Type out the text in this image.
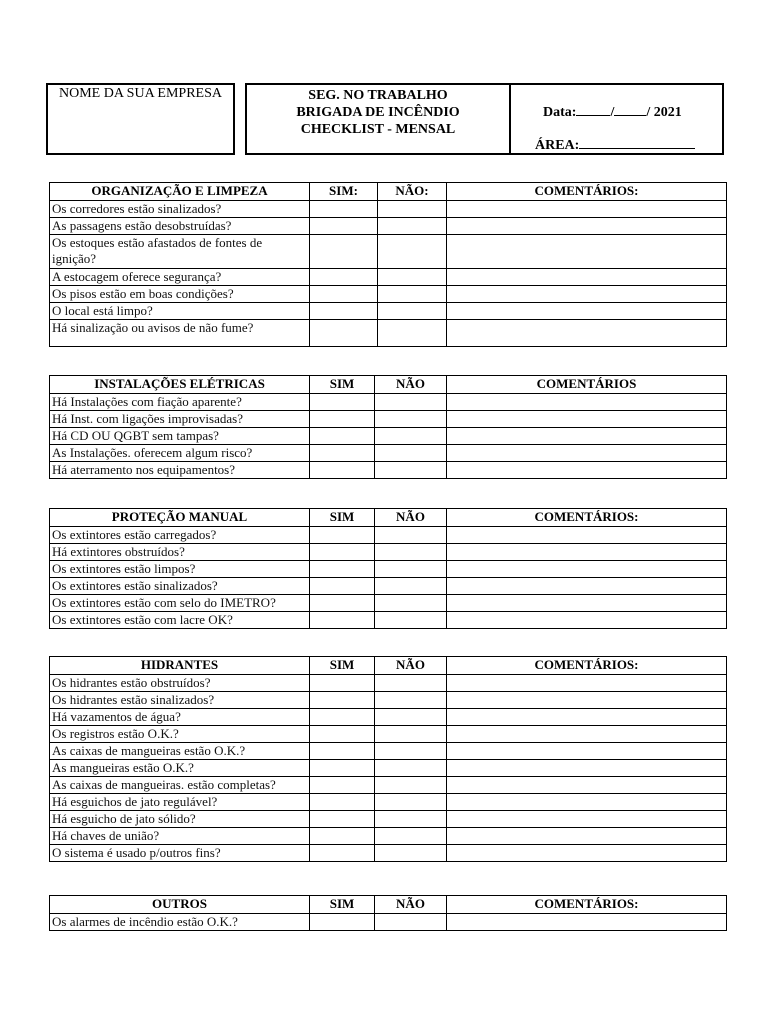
NOME DA SUA EMPRESA	SEG. NO TRABALHO
BRIGADA DE INCÊNDIO
CHECKLIST - MENSAL
Data: / / 2021
ÁREA:
ORGANIZAÇÃO E LIMPEZA	SIM:	NÃO:	COMENTÁRIOS:
Os corredores estão sinalizados?			
As passagens estão desobstruídas?			
Os estoques estão afastados de fontes de ignição?			
A estocagem oferece segurança?			
Os pisos estão em boas condições?			
O local está limpo?			
Há sinalização ou avisos de não fume?			
INSTALAÇÕES ELÉTRICAS	SIM	NÃO	COMENTÁRIOS
Há Instalações com fiação aparente?			
Há Inst. com ligações improvisadas?			
Há CD OU QGBT sem tampas?			
As Instalações. oferecem algum risco?			
Há aterramento nos equipamentos?			
PROTEÇÃO MANUAL	SIM	NÃO	COMENTÁRIOS:
Os extintores estão carregados?			
Há extintores obstruídos?			
Os extintores estão limpos?			
Os extintores estão sinalizados?			
Os extintores estão com selo do IMETRO?			
Os extintores estão com lacre OK?			
HIDRANTES	SIM	NÃO	COMENTÁRIOS:
Os hidrantes estão obstruídos?			
Os hidrantes estão sinalizados?			
Há vazamentos de água?			
Os registros estão O.K.?			
As caixas de mangueiras estão O.K.?			
As mangueiras estão O.K.?			
As caixas de mangueiras. estão completas?			
Há esguichos de jato regulável?			
Há esguicho de jato sólido?			
Há chaves de união?			
O sistema é usado p/outros fins?			
OUTROS	SIM	NÃO	COMENTÁRIOS:
Os alarmes de incêndio estão O.K.?			
